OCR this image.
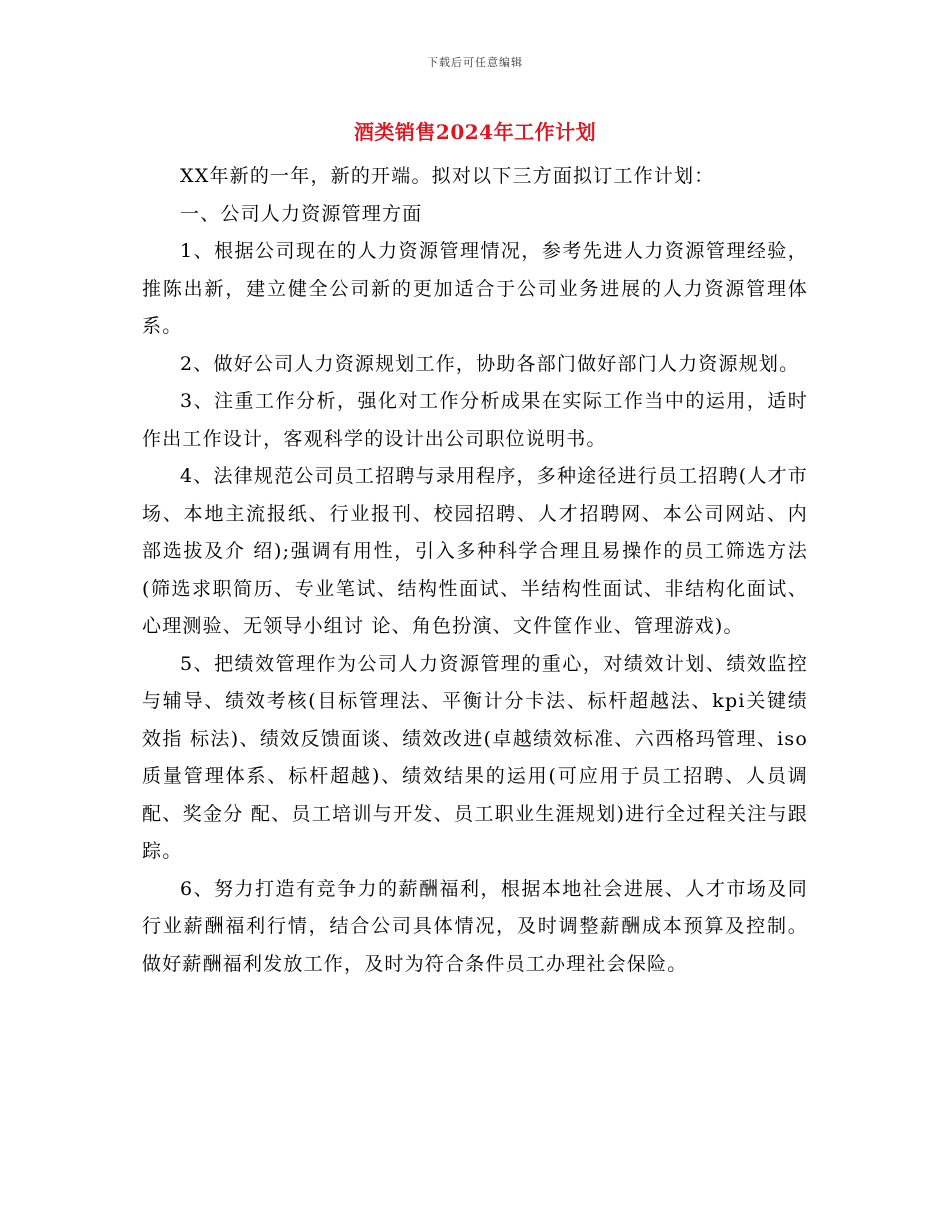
下载后可任意编辑
酒类销售2024年工作计划

XX年新的一年，新的开端。拟对以下三方面拟订工作计划：

一、公司人力资源管理方面

1、根据公司现在的人力资源管理情况，参考先进人力资源管理经验，推陈出新，建立健全公司新的更加适合于公司业务进展的人力资源管理体系。

2、做好公司人力资源规划工作，协助各部门做好部门人力资源规划。

3、注重工作分析，强化对工作分析成果在实际工作当中的运用，适时作出工作设计，客观科学的设计出公司职位说明书。

4、法律规范公司员工招聘与录用程序，多种途径进行员工招聘(人才市场、本地主流报纸、行业报刊、校园招聘、人才招聘网、本公司网站、内部选拔及介 绍);强调有用性，引入多种科学合理且易操作的员工筛选方法(筛选求职简历、专业笔试、结构性面试、半结构性面试、非结构化面试、心理测验、无领导小组讨 论、角色扮演、文件筐作业、管理游戏)。

5、把绩效管理作为公司人力资源管理的重心，对绩效计划、绩效监控与辅导、绩效考核(目标管理法、平衡计分卡法、标杆超越法、kpi关键绩效指 标法)、绩效反馈面谈、绩效改进(卓越绩效标准、六西格玛管理、iso质量管理体系、标杆超越)、绩效结果的运用(可应用于员工招聘、人员调配、奖金分 配、员工培训与开发、员工职业生涯规划)进行全过程关注与跟踪。

6、努力打造有竞争力的薪酬福利，根据本地社会进展、人才市场及同行业薪酬福利行情，结合公司具体情况，及时调整薪酬成本预算及控制。做好薪酬福利发放工作，及时为符合条件员工办理社会保险。
